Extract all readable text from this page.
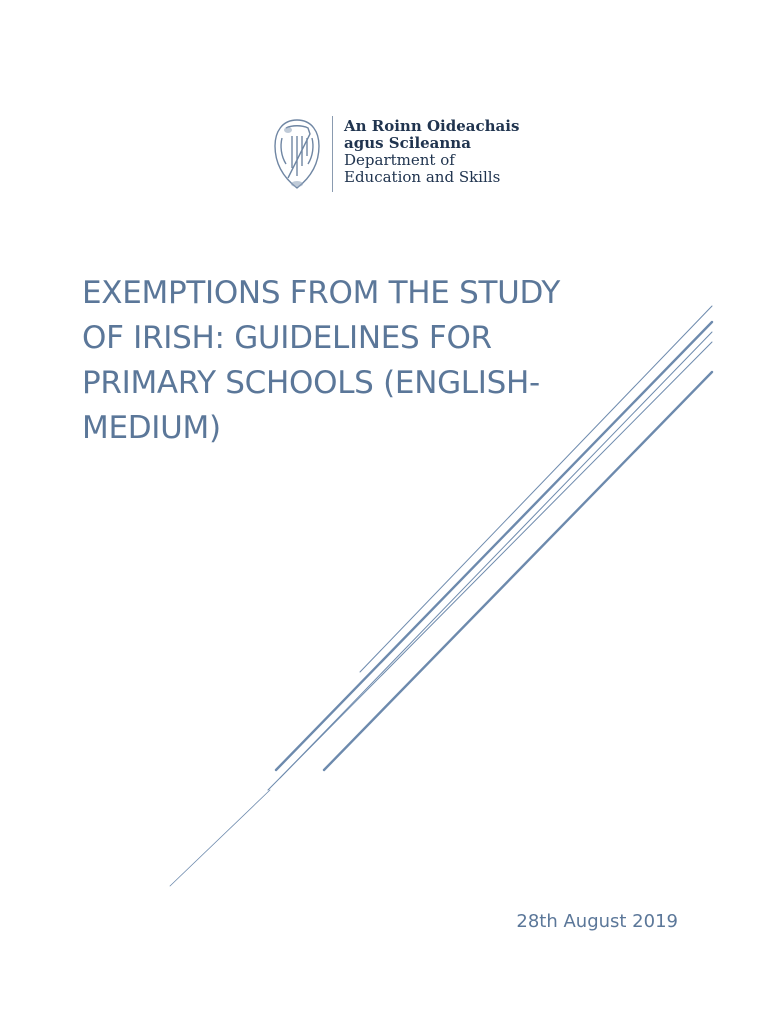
An Roinn Oideachais
agus Scileanna
Department of
Education and Skills
EXEMPTIONS FROM THE STUDY
OF IRISH: GUIDELINES FOR
PRIMARY SCHOOLS (ENGLISH-
MEDIUM)
28th August 2019
